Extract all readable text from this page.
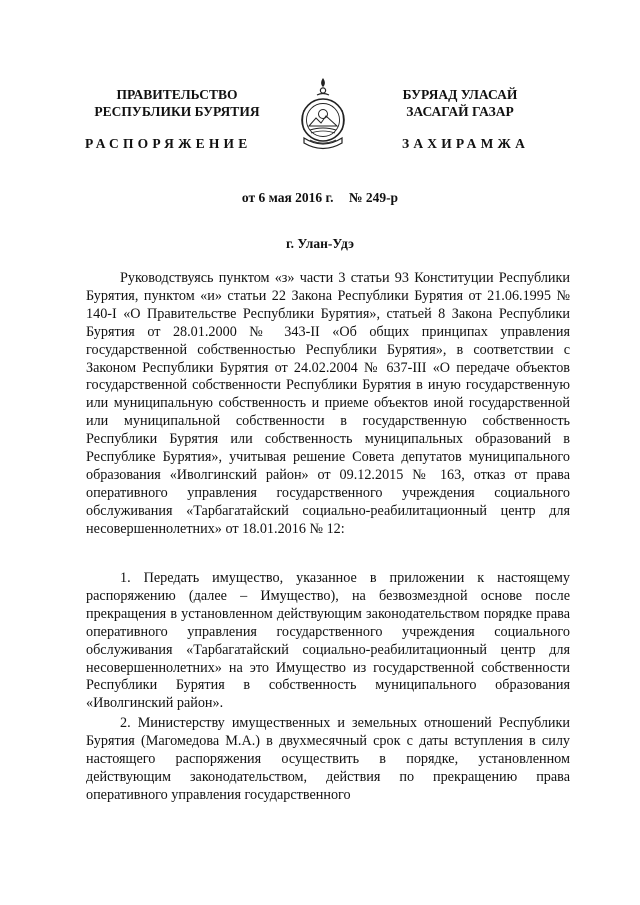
ПРАВИТЕЛЬСТВО
РЕСПУБЛИКИ БУРЯТИЯ
БУРЯАД УЛАСАЙ
ЗАСАГАЙ ГАЗАР
РАСПОРЯЖЕНИЕ	ЗАХИРАМЖА
от 6 мая 2016 г. № 249-р
г. Улан-Удэ

Руководствуясь пунктом «з» части 3 статьи 93 Конституции Республики Бурятия, пунктом «и» статьи 22 Закона Республики Бурятия от 21.06.1995 № 140-I «О Правительстве Республики Бурятия», статьей 8 Закона Республики Бурятия от 28.01.2000 № 343-II «Об общих принципах управления государственной собственностью Республики Бурятия», в соответствии с Законом Республики Бурятия от 24.02.2004 № 637-III «О передаче объектов государственной собственности Республики Бурятия в иную государственную или муниципальную собственность и приеме объектов иной государственной или муниципальной собственности в государственную собственность Республики Бурятия или собственность муниципальных образований в Республике Бурятия», учитывая решение Совета депутатов муниципального образования «Иволгинский район» от 09.12.2015 № 163, отказ от права оперативного управления государственного учреждения социального обслуживания «Тарбагатайский социально-реабилитационный центр для несовершеннолетних» от 18.01.2016 № 12:

1. Передать имущество, указанное в приложении к настоящему распоряжению (далее – Имущество), на безвозмездной основе после прекращения в установленном действующим законодательством порядке права оперативного управления государственного учреждения социального обслуживания «Тарбагатайский социально-реабилитационный центр для несовершеннолетних» на это Имущество из государственной собственности Республики Бурятия в собственность муниципального образования «Иволгинский район».

2. Министерству имущественных и земельных отношений Республики Бурятия (Магомедова М.А.) в двухмесячный срок с даты вступления в силу настоящего распоряжения осуществить в порядке, установленном действующим законодательством, действия по прекращению права оперативного управления государственного
